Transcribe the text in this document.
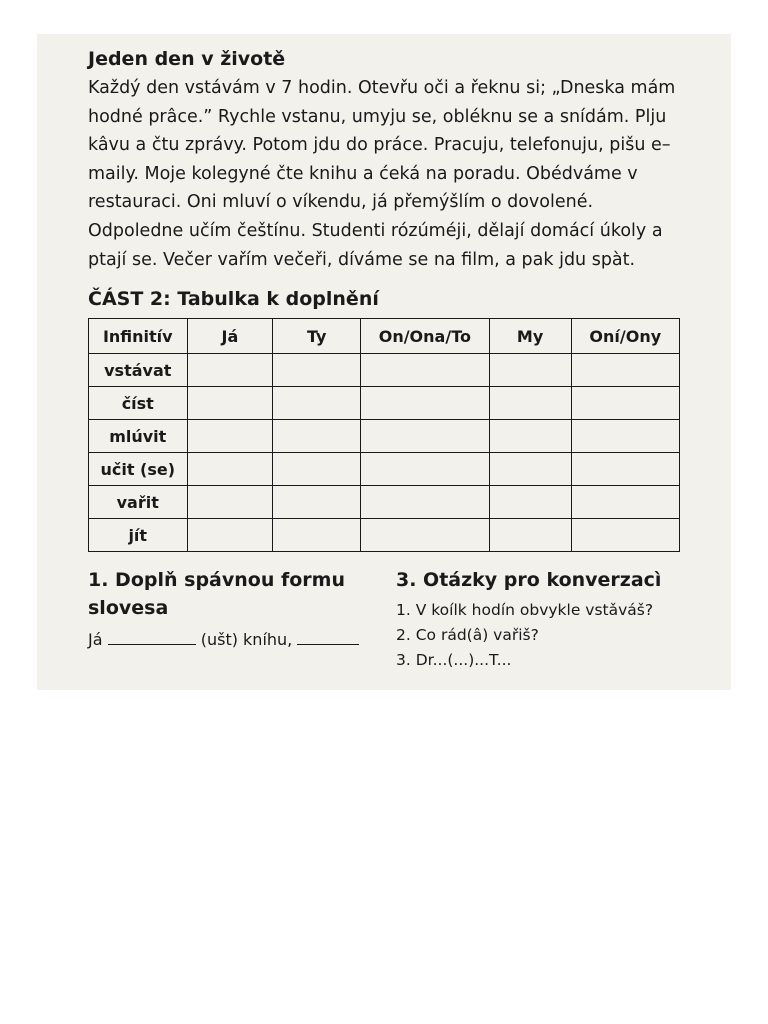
Jeden den v životě

Každý den vstávám v 7 hodin. Otevřu oči a řeknu si; „Dneska mám hodné prâce.” Rychle vstanu, umyju se, obléknu se a snídám. Plju kâvu a čtu zprávy. Potom jdu do práce. Pracuju, telefonuju, pišu e–maily. Moje kolegyné čte knihu a ćeká na poradu. Obédváme v restauraci. Oni mluví o víkendu, já přemýšlím o dovolené. Odpoledne učím češtínu. Studenti rózúméji, dělají domácí úkoly a ptají se. Večer vařím večeři, díváme se na film, a pak jdu spàt.

ČÁST 2: Tabulka k doplnění
Infinitív	Já	Ty	On/Ona/To	My	Oní/Ony
vstávat					
číst					
mlúvit					
učit (se)					
vařit					
jít					
1. Doplň spávnou formu slovesa
Já	(ušt) kníhu,
3. Otázky pro konverzacì
1. V koílk hodín obvykle vstǎváš?
2. Co rád(â) vařiš?
3. Dr...(...)...T...
